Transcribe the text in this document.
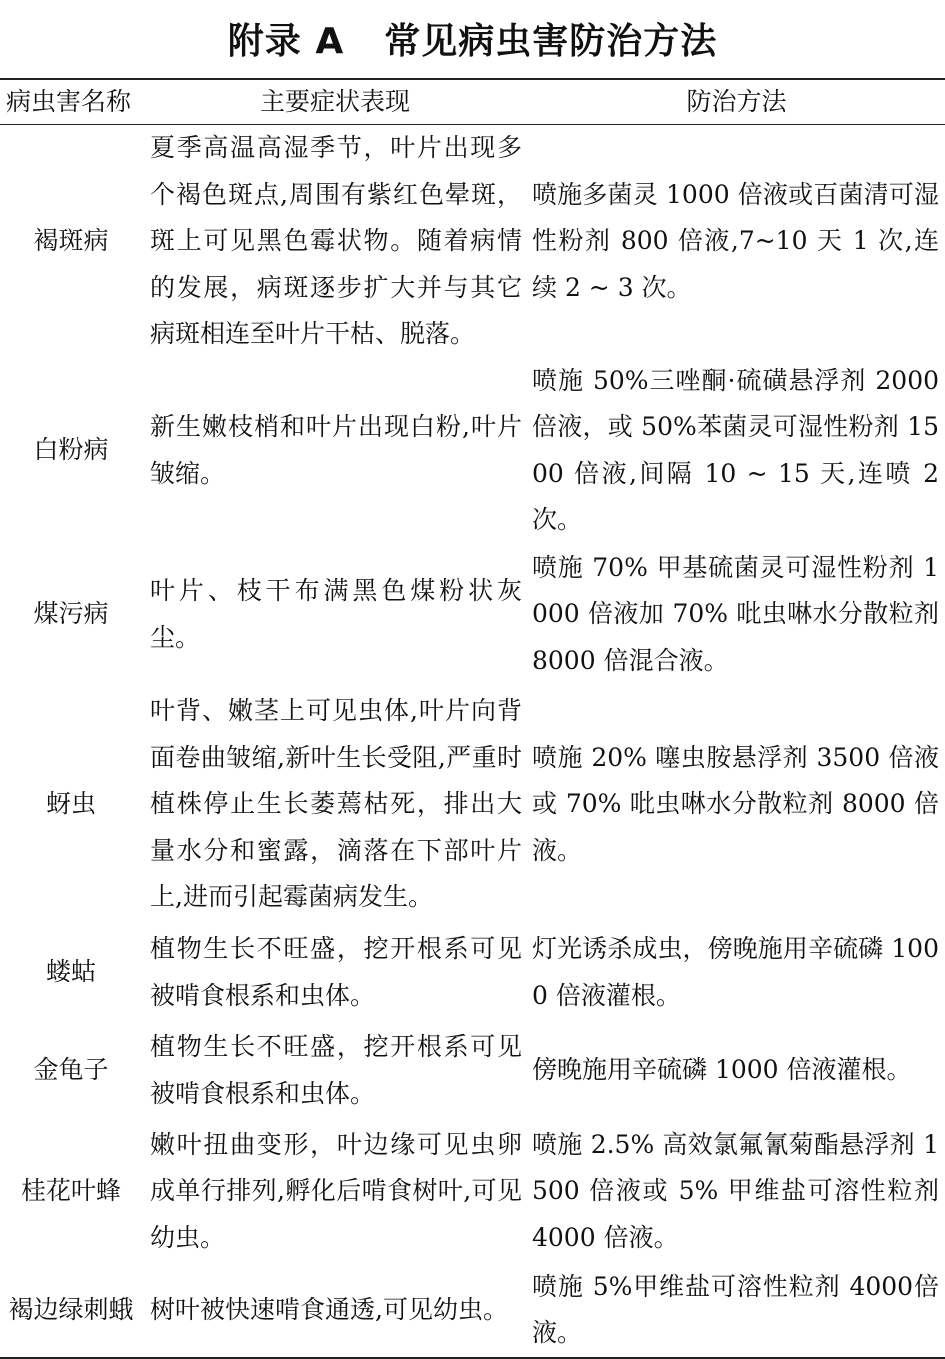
附录 A 常见病虫害防治方法
病虫害名称	主要症状表现	防治方法
褐斑病	夏季高温高湿季节，叶片出现多个褐色斑点,周围有紫红色晕斑，斑上可见黑色霉状物。随着病情的发展，病斑逐步扩大并与其它病斑相连至叶片干枯、脱落。	喷施多菌灵 1000 倍液或百菌清可湿性粉剂 800 倍液,7~10 天 1 次,连续 2 ~ 3 次。
白粉病	新生嫩枝梢和叶片出现白粉,叶片皱缩。	喷施 50%三唑酮·硫磺悬浮剂 2000 倍液，或 50%苯菌灵可湿性粉剂 1500 倍液,间隔 10 ~ 15 天,连喷 2 次。
煤污病	叶片、枝干布满黑色煤粉状灰尘。	喷施 70% 甲基硫菌灵可湿性粉剂 1000 倍液加 70% 吡虫啉水分散粒剂 8000 倍混合液。
蚜虫	叶背、嫩茎上可见虫体,叶片向背面卷曲皱缩,新叶生长受阻,严重时植株停止生长萎蔫枯死，排出大量水分和蜜露，滴落在下部叶片上,进而引起霉菌病发生。	喷施 20% 噻虫胺悬浮剂 3500 倍液或 70% 吡虫啉水分散粒剂 8000 倍液。
蝼蛄	植物生长不旺盛，挖开根系可见被啃食根系和虫体。	灯光诱杀成虫，傍晚施用辛硫磷 1000 倍液灌根。
金龟子	植物生长不旺盛，挖开根系可见被啃食根系和虫体。	傍晚施用辛硫磷 1000 倍液灌根。
桂花叶蜂	嫩叶扭曲变形，叶边缘可见虫卵成单行排列,孵化后啃食树叶,可见幼虫。	喷施 2.5% 高效氯氟氰菊酯悬浮剂 1500 倍液或 5% 甲维盐可溶性粒剂 4000 倍液。
褐边绿刺蛾	树叶被快速啃食通透,可见幼虫。	喷施 5%甲维盐可溶性粒剂 4000倍液。
